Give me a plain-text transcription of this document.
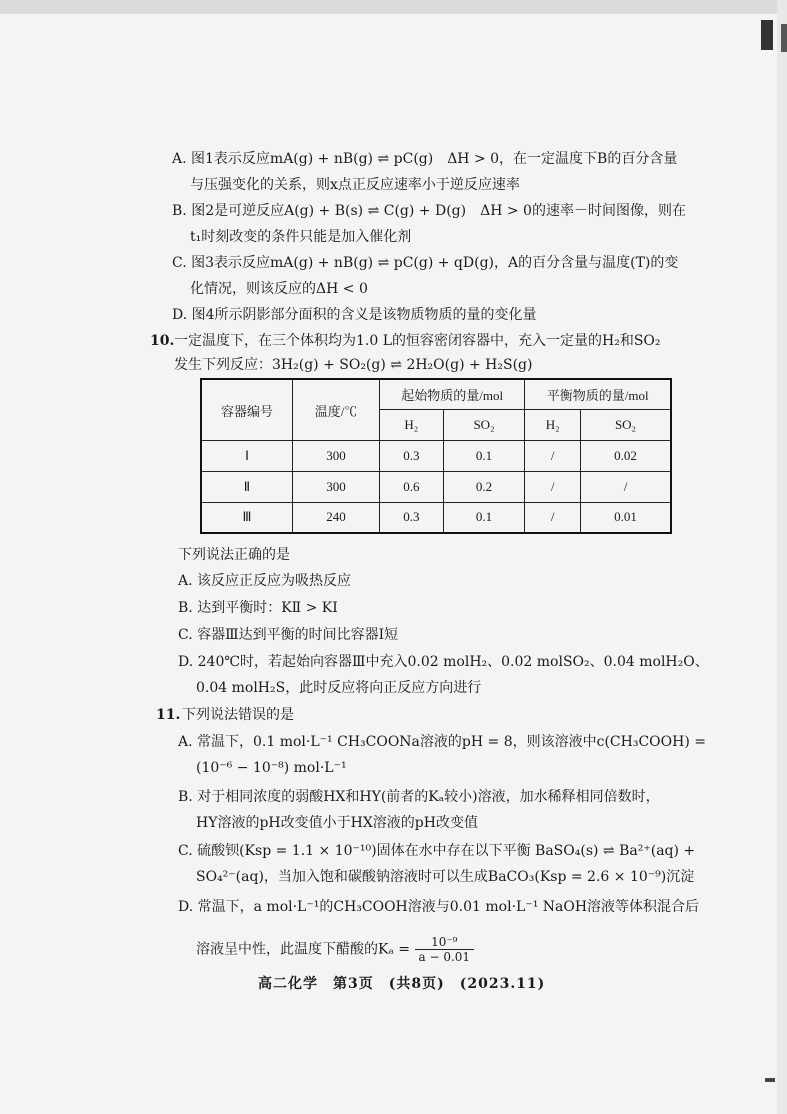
A. 图1表示反应mA(g) + nB(g) ⇌ pC(g)　ΔH > 0，在一定温度下B的百分含量
与压强变化的关系，则x点正反应速率小于逆反应速率
B. 图2是可逆反应A(g) + B(s) ⇌ C(g) + D(g)　ΔH > 0的速率－时间图像，则在
t₁时刻改变的条件只能是加入催化剂
C. 图3表示反应mA(g) + nB(g) ⇌ pC(g) + qD(g)，A的百分含量与温度(T)的变
化情况，则该反应的ΔH < 0
D. 图4所示阴影部分面积的含义是该物质物质的量的变化量
10. 一定温度下，在三个体积均为1.0 L的恒容密闭容器中，充入一定量的H₂和SO₂
发生下列反应：3H₂(g) + SO₂(g) ⇌ 2H₂O(g) + H₂S(g)
容器编号	温度/℃	起始物质的量/mol		平衡物质的量/mol	
		H₂	SO₂	H₂	SO₂
Ⅰ	300	0.3	0.1	/	0.02
Ⅱ	300	0.6	0.2	/	/
Ⅲ	240	0.3	0.1	/	0.01
下列说法正确的是
A. 该反应正反应为吸热反应
B. 达到平衡时：KⅡ > KⅠ
C. 容器Ⅲ达到平衡的时间比容器Ⅰ短
D. 240℃时，若起始向容器Ⅲ中充入0.02 molH₂、0.02 molSO₂、0.04 molH₂O、
0.04 molH₂S，此时反应将向正反应方向进行
11. 下列说法错误的是
A. 常温下，0.1 mol·L⁻¹ CH₃COONa溶液的pH = 8，则该溶液中c(CH₃COOH) =
(10⁻⁶ − 10⁻⁸) mol·L⁻¹
B. 对于相同浓度的弱酸HX和HY(前者的Kₐ较小)溶液，加水稀释相同倍数时，
HY溶液的pH改变值小于HX溶液的pH改变值
C. 硫酸钡(Ksp = 1.1 × 10⁻¹⁰)固体在水中存在以下平衡 BaSO₄(s) ⇌ Ba²⁺(aq) +
SO₄²⁻(aq)，当加入饱和碳酸钠溶液时可以生成BaCO₃(Ksp = 2.6 × 10⁻⁹)沉淀
D. 常温下，a mol·L⁻¹的CH₃COOH溶液与0.01 mol·L⁻¹ NaOH溶液等体积混合后
溶液呈中性，此温度下醋酸的$K_a = \frac{\text{10⁻⁹}}{a - 0.01}$
高二化学　第3页　(共8页)　(2023.11)
